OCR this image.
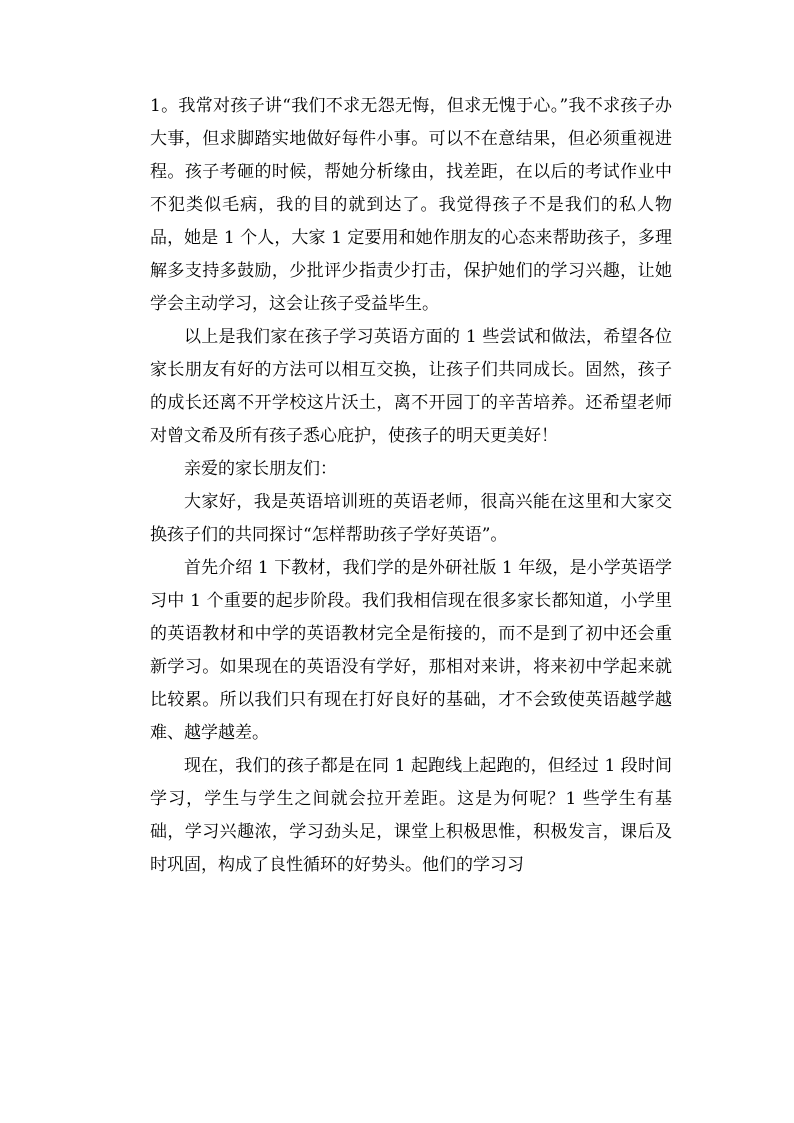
1。我常对孩子讲“我们不求无怨无悔，但求无愧于心。”我不求孩子办大事，但求脚踏实地做好每件小事。可以不在意结果，但必须重视进程。孩子考砸的时候，帮她分析缘由，找差距，在以后的考试作业中不犯类似毛病，我的目的就到达了。我觉得孩子不是我们的私人物品，她是 1 个人，大家 1 定要用和她作朋友的心态来帮助孩子，多理解多支持多鼓励，少批评少指责少打击，保护她们的学习兴趣，让她学会主动学习，这会让孩子受益毕生。

以上是我们家在孩子学习英语方面的 1 些尝试和做法，希望各位家长朋友有好的方法可以相互交换，让孩子们共同成长。固然，孩子的成长还离不开学校这片沃土，离不开园丁的辛苦培养。还希望老师对曾文希及所有孩子悉心庇护，使孩子的明天更美好！

亲爱的家长朋友们：

大家好，我是英语培训班的英语老师，很高兴能在这里和大家交换孩子们的共同探讨“怎样帮助孩子学好英语”。

首先介绍 1 下教材，我们学的是外研社版 1 年级，是小学英语学习中 1 个重要的起步阶段。我们我相信现在很多家长都知道，小学里的英语教材和中学的英语教材完全是衔接的，而不是到了初中还会重新学习。如果现在的英语没有学好，那相对来讲，将来初中学起来就比较累。所以我们只有现在打好良好的基础，才不会致使英语越学越难、越学越差。

现在，我们的孩子都是在同 1 起跑线上起跑的，但经过 1 段时间学习，学生与学生之间就会拉开差距。这是为何呢？1 些学生有基础，学习兴趣浓，学习劲头足，课堂上积极思惟，积极发言，课后及时巩固，构成了良性循环的好势头。他们的学习习
